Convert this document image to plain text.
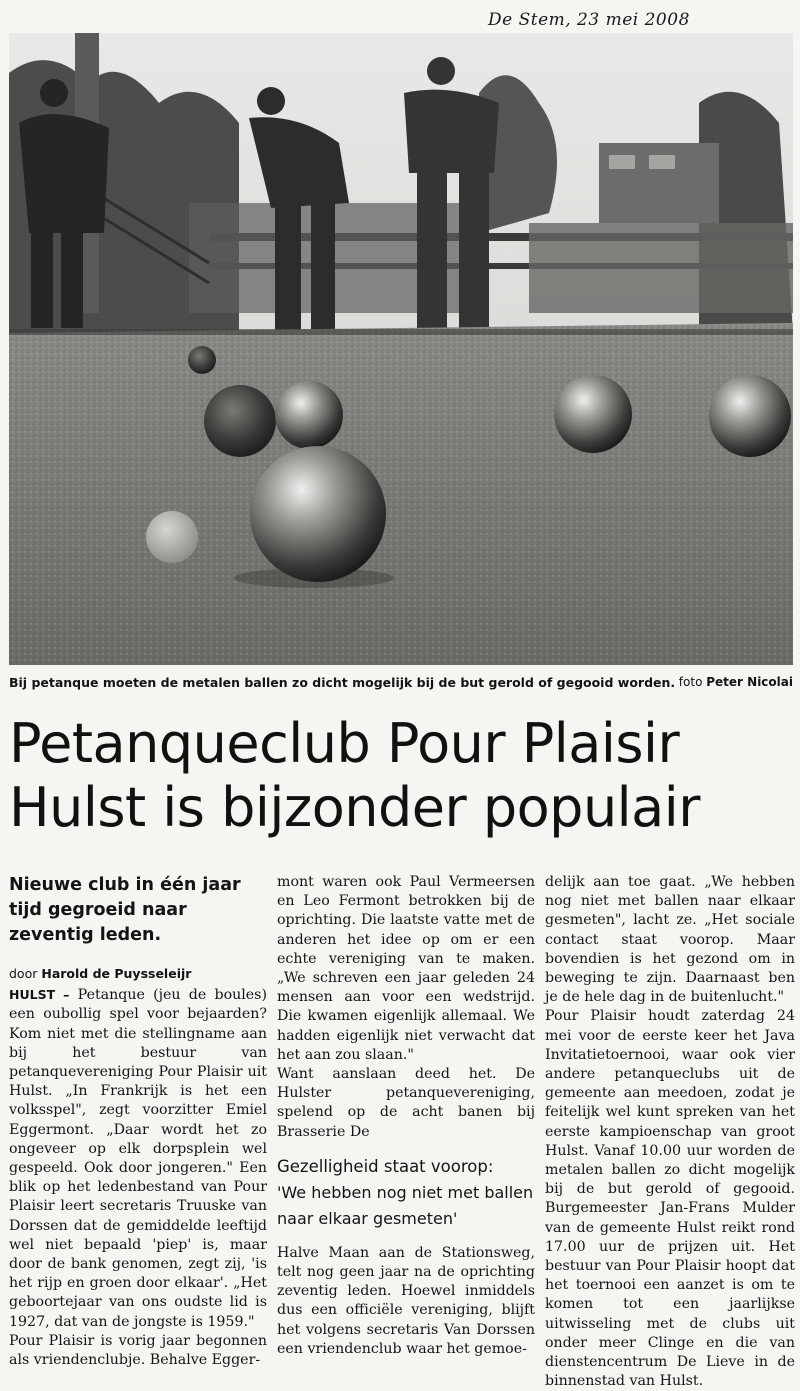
De Stem, 23 mei 2008
Bij petanque moeten de metalen ballen zo dicht mogelijk bij de but gerold of gegooid worden. foto Peter Nicolai
Petanqueclub Pour Plaisir
Hulst is bijzonder populair

Nieuwe club in één jaar tijd gegroeid naar zeventig leden.

door Harold de Puysseleijr

HULST – Petanque (jeu de boules) een oubollig spel voor bejaarden? Kom niet met die stellingname aan bij het bestuur van petanquevereniging Pour Plaisir uit Hulst. „In Frankrijk is het een volksspel", zegt voorzitter Emiel Eggermont. „Daar wordt het zo ongeveer op elk dorpsplein wel gespeeld. Ook door jongeren." Een blik op het ledenbestand van Pour Plaisir leert secretaris Truuske van Dorssen dat de gemiddelde leeftijd wel niet bepaald 'piep' is, maar door de bank genomen, zegt zij, 'is het rijp en groen door elkaar'. „Het geboortejaar van ons oudste lid is 1927, dat van de jongste is 1959."

Pour Plaisir is vorig jaar begonnen als vriendenclubje. Behalve Egger-

mont waren ook Paul Vermeersen en Leo Fermont betrokken bij de oprichting. Die laatste vatte met de anderen het idee op om er een echte vereniging van te maken. „We schreven een jaar geleden 24 mensen aan voor een wedstrijd. Die kwamen eigenlijk allemaal. We hadden eigenlijk niet verwacht dat het aan zou slaan."

Want aanslaan deed het. De Hulster petanquevereniging, spelend op de acht banen bij Brasserie De

Gezelligheid staat voorop:
'We hebben nog niet met ballen naar elkaar gesmeten'

Halve Maan aan de Stationsweg, telt nog geen jaar na de oprichting zeventig leden. Hoewel inmiddels dus een officiële vereniging, blijft het volgens secretaris Van Dorssen een vriendenclub waar het gemoe-

delijk aan toe gaat. „We hebben nog niet met ballen naar elkaar gesmeten", lacht ze. „Het sociale contact staat voorop. Maar bovendien is het gezond om in beweging te zijn. Daarnaast ben je de hele dag in de buitenlucht."

Pour Plaisir houdt zaterdag 24 mei voor de eerste keer het Java Invitatietoernooi, waar ook vier andere petanqueclubs uit de gemeente aan meedoen, zodat je feitelijk wel kunt spreken van het eerste kampioenschap van groot Hulst. Vanaf 10.00 uur worden de metalen ballen zo dicht mogelijk bij de but gerold of gegooid. Burgemeester Jan-Frans Mulder van de gemeente Hulst reikt rond 17.00 uur de prijzen uit. Het bestuur van Pour Plaisir hoopt dat het toernooi een aanzet is om te komen tot een jaarlijkse uitwisseling met de clubs uit onder meer Clinge en die van dienstencentrum De Lieve in de binnenstad van Hulst.
